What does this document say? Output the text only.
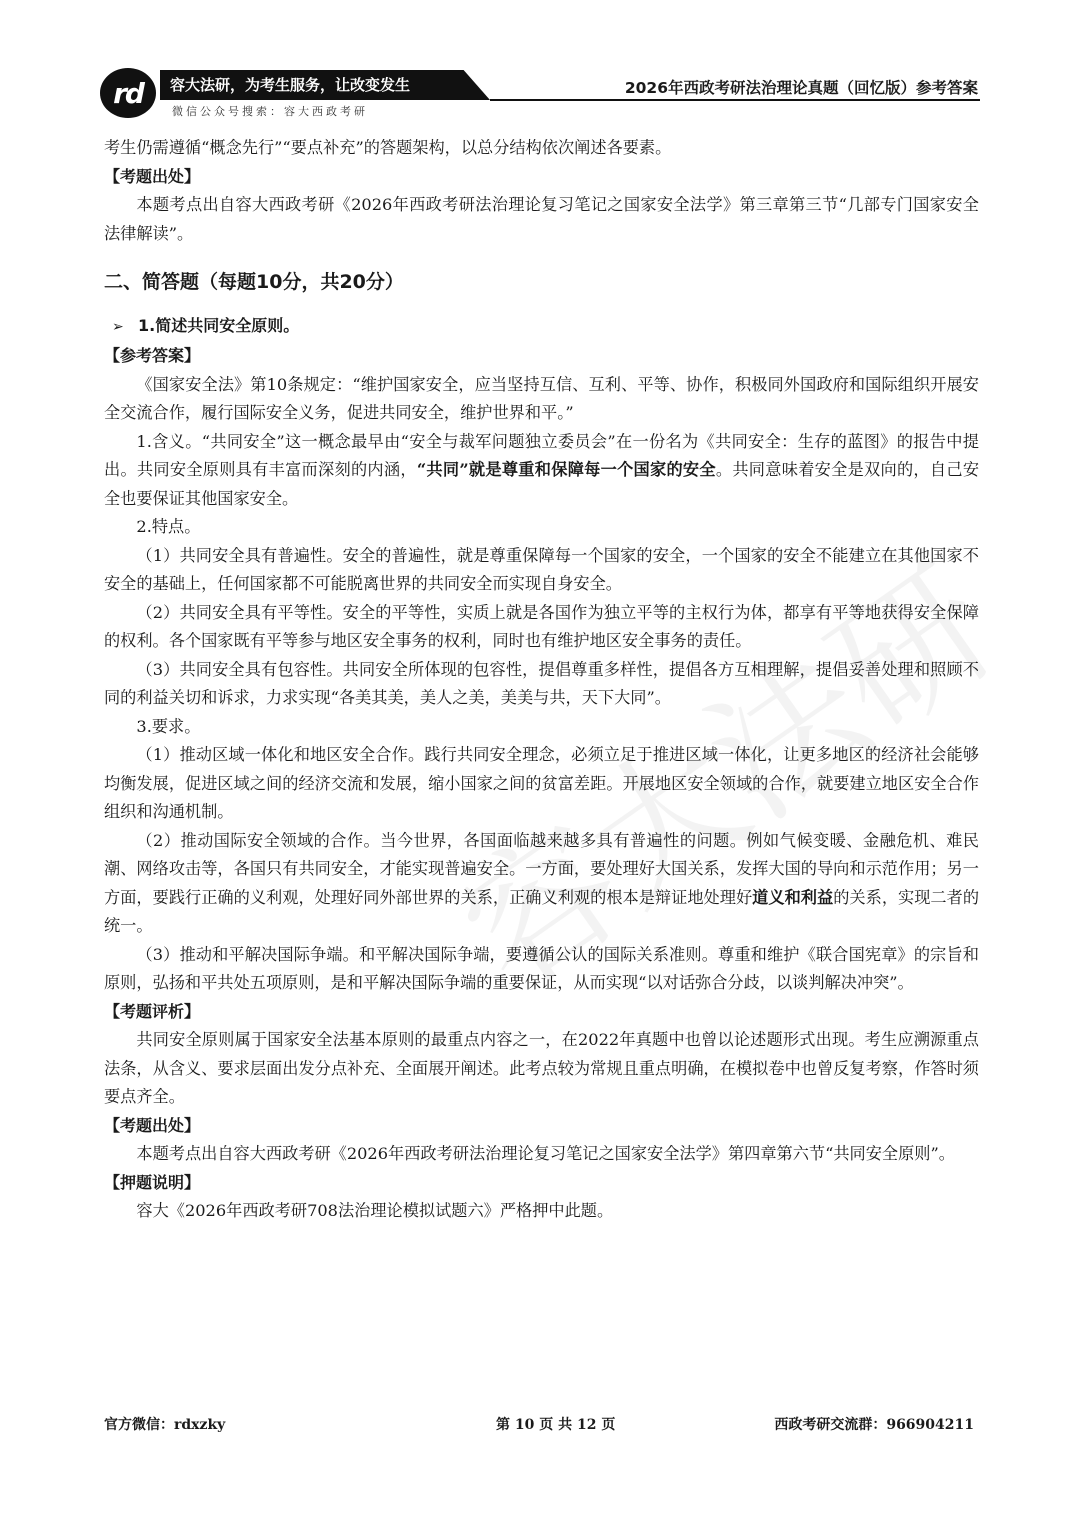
rd 容大法研，为考生服务，让改变发生
微信公众号搜索：容大西政考研
2026年西政考研法治理论真题（回忆版）参考答案

考生仍需遵循“概念先行”“要点补充”的答题架构，以总分结构依次阐述各要素。

【考题出处】

本题考点出自容大西政考研《2026年西政考研法治理论复习笔记之国家安全法学》第三章第三节“几部专门国家安全法律解读”。

二、简答题（每题10分，共20分）
➢ 1.简述共同安全原则。
【参考答案】

《国家安全法》第10条规定：“维护国家安全，应当坚持互信、互利、平等、协作，积极同外国政府和国际组织开展安全交流合作，履行国际安全义务，促进共同安全，维护世界和平。”

1.含义。“共同安全”这一概念最早由“安全与裁军问题独立委员会”在一份名为《共同安全：生存的蓝图》的报告中提出。共同安全原则具有丰富而深刻的内涵，“共同”就是尊重和保障每一个国家的安全。共同意味着安全是双向的，自己安全也要保证其他国家安全。

2.特点。

（1）共同安全具有普遍性。安全的普遍性，就是尊重保障每一个国家的安全，一个国家的安全不能建立在其他国家不安全的基础上，任何国家都不可能脱离世界的共同安全而实现自身安全。

（2）共同安全具有平等性。安全的平等性，实质上就是各国作为独立平等的主权行为体，都享有平等地获得安全保障的权利。各个国家既有平等参与地区安全事务的权利，同时也有维护地区安全事务的责任。

（3）共同安全具有包容性。共同安全所体现的包容性，提倡尊重多样性，提倡各方互相理解，提倡妥善处理和照顾不同的利益关切和诉求，力求实现“各美其美，美人之美，美美与共，天下大同”。

3.要求。

（1）推动区域一体化和地区安全合作。践行共同安全理念，必须立足于推进区域一体化，让更多地区的经济社会能够均衡发展，促进区域之间的经济交流和发展，缩小国家之间的贫富差距。开展地区安全领域的合作，就要建立地区安全合作组织和沟通机制。

（2）推动国际安全领域的合作。当今世界，各国面临越来越多具有普遍性的问题。例如气候变暖、金融危机、难民潮、网络攻击等，各国只有共同安全，才能实现普遍安全。一方面，要处理好大国关系，发挥大国的导向和示范作用；另一方面，要践行正确的义利观，处理好同外部世界的关系，正确义利观的根本是辩证地处理好道义和利益的关系，实现二者的统一。

（3）推动和平解决国际争端。和平解决国际争端，要遵循公认的国际关系准则。尊重和维护《联合国宪章》的宗旨和原则，弘扬和平共处五项原则，是和平解决国际争端的重要保证，从而实现“以对话弥合分歧，以谈判解决冲突”。

【考题评析】

共同安全原则属于国家安全法基本原则的最重点内容之一，在2022年真题中也曾以论述题形式出现。考生应溯源重点法条，从含义、要求层面出发分点补充、全面展开阐述。此考点较为常规且重点明确，在模拟卷中也曾反复考察，作答时须要点齐全。

【考题出处】

本题考点出自容大西政考研《2026年西政考研法治理论复习笔记之国家安全法学》第四章第六节“共同安全原则”。

【押题说明】

容大《2026年西政考研708法治理论模拟试题六》严格押中此题。

官方微信：rdxzky	第 10 页 共 12 页	西政考研交流群：966904211
